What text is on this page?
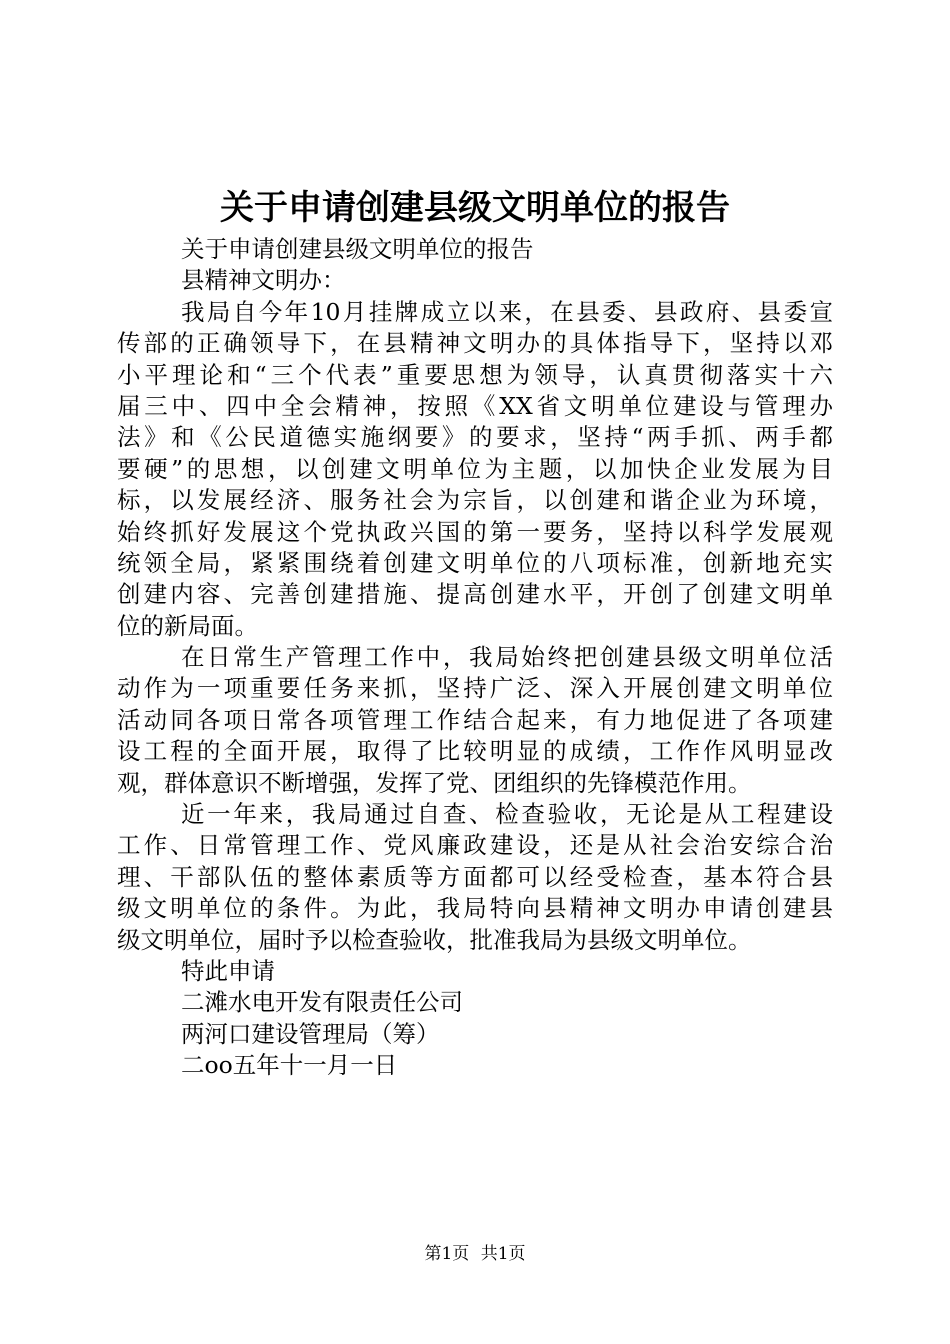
关于申请创建县级文明单位的报告
关于申请创建县级文明单位的报告
县精神文明办：
我局自今年10月挂牌成立以来，在县委、县政府、县委宣
传部的正确领导下，在县精神文明办的具体指导下，坚持以邓
小平理论和“三个代表”重要思想为领导，认真贯彻落实十六
届三中、四中全会精神，按照《XX省文明单位建设与管理办
法》和《公民道德实施纲要》的要求，坚持“两手抓、两手都
要硬”的思想，以创建文明单位为主题，以加快企业发展为目
标，以发展经济、服务社会为宗旨，以创建和谐企业为环境，
始终抓好发展这个党执政兴国的第一要务，坚持以科学发展观
统领全局，紧紧围绕着创建文明单位的八项标准，创新地充实
创建内容、完善创建措施、提高创建水平，开创了创建文明单
位的新局面。
在日常生产管理工作中，我局始终把创建县级文明单位活
动作为一项重要任务来抓，坚持广泛、深入开展创建文明单位
活动同各项日常各项管理工作结合起来，有力地促进了各项建
设工程的全面开展，取得了比较明显的成绩，工作作风明显改
观，群体意识不断增强，发挥了党、团组织的先锋模范作用。
近一年来，我局通过自查、检查验收，无论是从工程建设
工作、日常管理工作、党风廉政建设，还是从社会治安综合治
理、干部队伍的整体素质等方面都可以经受检查，基本符合县
级文明单位的条件。为此，我局特向县精神文明办申请创建县
级文明单位，届时予以检查验收，批准我局为县级文明单位。
特此申请
二滩水电开发有限责任公司
两河口建设管理局（筹）
二oo五年十一月一日
第1页 共1页
